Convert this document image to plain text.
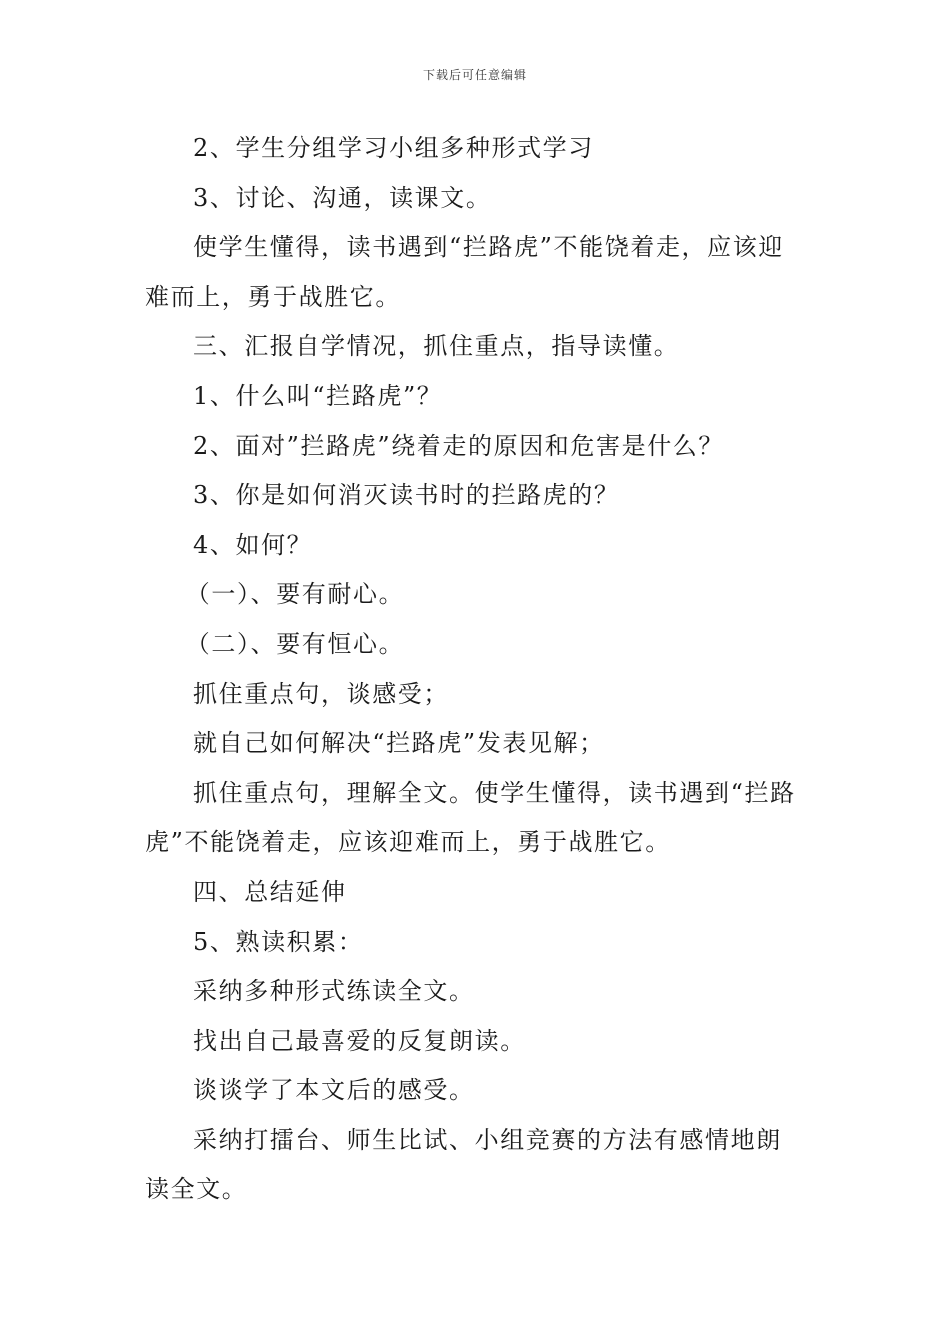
下载后可任意编辑

2、学生分组学习小组多种形式学习

3、讨论、沟通，读课文。

使学生懂得，读书遇到“拦路虎”不能饶着走，应该迎难而上，勇于战胜它。

三、汇报自学情况，抓住重点，指导读懂。

1、什么叫“拦路虎”？

2、面对”拦路虎”绕着走的原因和危害是什么？

3、你是如何消灭读书时的拦路虎的？

4、如何？

（一）、要有耐心。

（二）、要有恒心。

抓住重点句，谈感受；

就自己如何解决“拦路虎”发表见解；

抓住重点句，理解全文。使学生懂得，读书遇到“拦路虎”不能饶着走，应该迎难而上，勇于战胜它。

四、总结延伸

5、熟读积累：

采纳多种形式练读全文。

找出自己最喜爱的反复朗读。

谈谈学了本文后的感受。

采纳打擂台、师生比试、小组竞赛的方法有感情地朗读全文。
